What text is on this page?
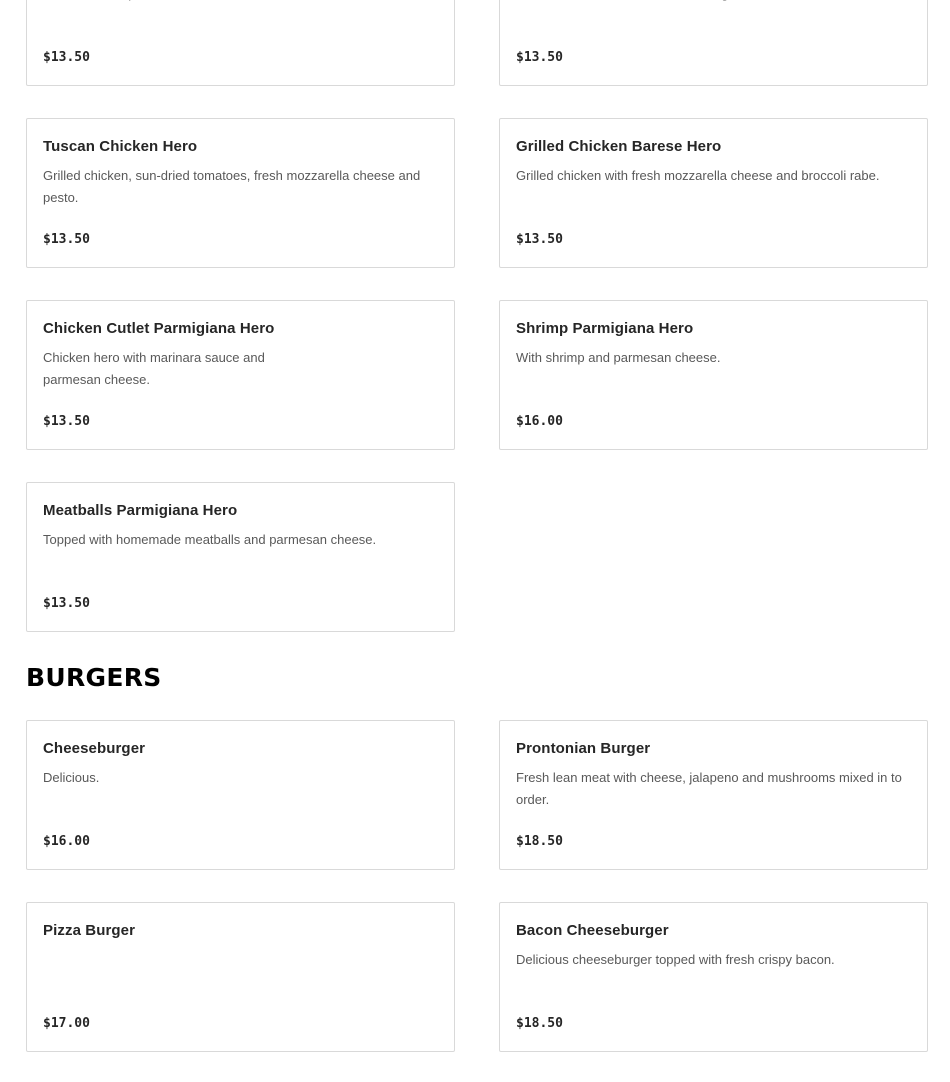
$13.50	$13.50
Tuscan Chicken Hero
Grilled chicken, sun-dried tomatoes, fresh mozzarella cheese and pesto.
$13.50
Grilled Chicken Barese Hero
Grilled chicken with fresh mozzarella cheese and broccoli rabe.
$13.50
Chicken Cutlet Parmigiana Hero
Chicken hero with marinara sauce and parmesan cheese.
$13.50
Shrimp Parmigiana Hero
With shrimp and parmesan cheese.
$16.00
Meatballs Parmigiana Hero
Topped with homemade meatballs and parmesan cheese.
$13.50
BURGERS
Cheeseburger
Delicious.
$16.00
Prontonian Burger
Fresh lean meat with cheese, jalapeno and mushrooms mixed in to order.
$18.50
Pizza Burger
$17.00
Bacon Cheeseburger
Delicious cheeseburger topped with fresh crispy bacon.
$18.50
